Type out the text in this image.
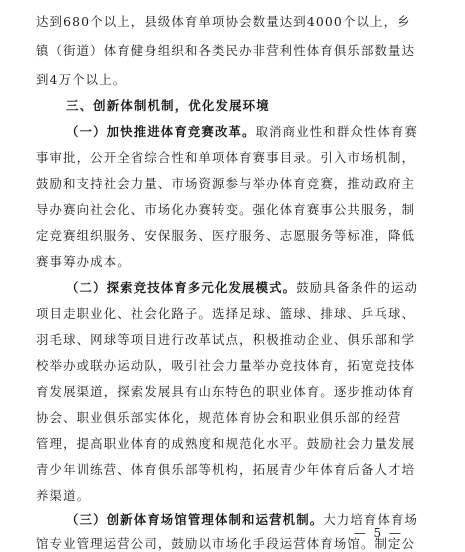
达到680个以上，县级体育单项协会数量达到4000个以上，乡
镇（街道）体育健身组织和各类民办非营利性体育俱乐部数量达
到4万个以上。
三、创新体制机制，优化发展环境
（一）加快推进体育竞赛改革。取消商业性和群众性体育赛
事审批，公开全省综合性和单项体育赛事目录。引入市场机制，
鼓励和支持社会力量、市场资源参与举办体育竞赛，推动政府主
导办赛向社会化、市场化办赛转变。强化体育赛事公共服务，制
定竞赛组织服务、安保服务、医疗服务、志愿服务等标准，降低
赛事筹办成本。
（二）探索竞技体育多元化发展模式。鼓励具备条件的运动
项目走职业化、社会化路子。选择足球、篮球、排球、乒乓球、
羽毛球、网球等项目进行改革试点，积极推动企业、俱乐部和学
校举办或联办运动队，吸引社会力量举办竞技体育，拓宽竞技体
育发展渠道，探索发展具有山东特色的职业体育。逐步推动体育
协会、职业俱乐部实体化，规范体育协会和职业俱乐部的经营
管理，提高职业体育的成熟度和规范化水平。鼓励社会力量发展
青少年训练营、体育俱乐部等机构，拓展青少年体育后备人才培
养渠道。
（三）创新体育场馆管理体制和运营机制。大力培育体育场
馆专业管理运营公司，鼓励以市场化手段运营体育场馆。制定公
— 5 —
